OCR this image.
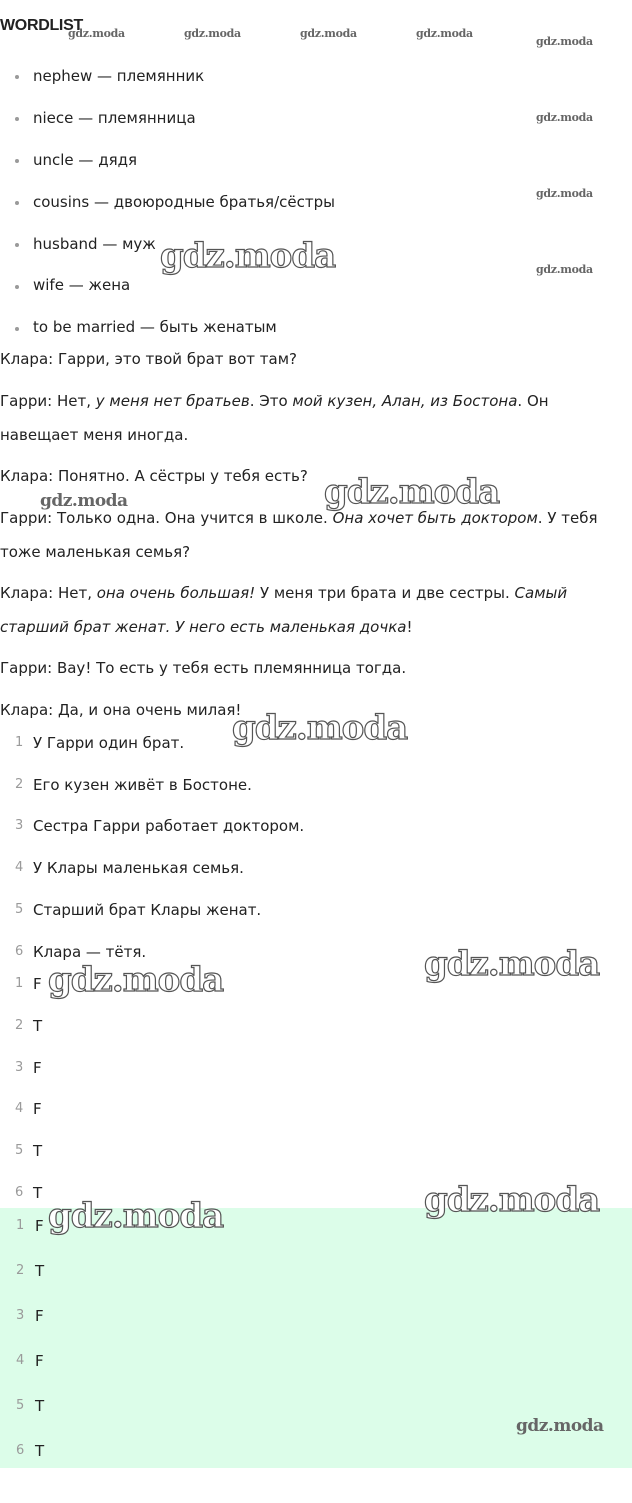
WORDLIST
nephew — племянник
niece — племянница
uncle — дядя
cousins — двоюродные братья/сёстры
husband — муж
wife — жена
to be married — быть женатым
Клара: Гарри, это твой брат вот там?
Гарри: Нет, у меня нет братьев. Это мой кузен, Алан, из Бостона. Он навещает меня иногда.
Клара: Понятно. А сёстры у тебя есть?
Гарри: Только одна. Она учится в школе. Она хочет быть доктором. У тебя тоже маленькая семья?
Клара: Нет, она очень большая! У меня три брата и две сестры. Самый старший брат женат. У него есть маленькая дочка!
Гарри: Вау! То есть у тебя есть племянница тогда.
Клара: Да, и она очень милая!
1 У Гарри один брат.
2 Его кузен живёт в Бостоне.
3 Сестра Гарри работает доктором.
4 У Клары маленькая семья.
5 Старший брат Клары женат.
6 Клара — тётя.
1 F
2 T
3 F
4 F
5 T
6 T
1 F
2 T
3 F
4 F
5 T
6 T
gdz.moda	gdz.moda	gdz.moda	gdz.moda
gdz.moda
gdz.moda
gdz.moda
gdz.moda
gdz.moda
gdz.moda	gdz.moda
gdz.moda
gdz.moda
gdz.moda
gdz.moda
gdz.moda
gdz.moda
